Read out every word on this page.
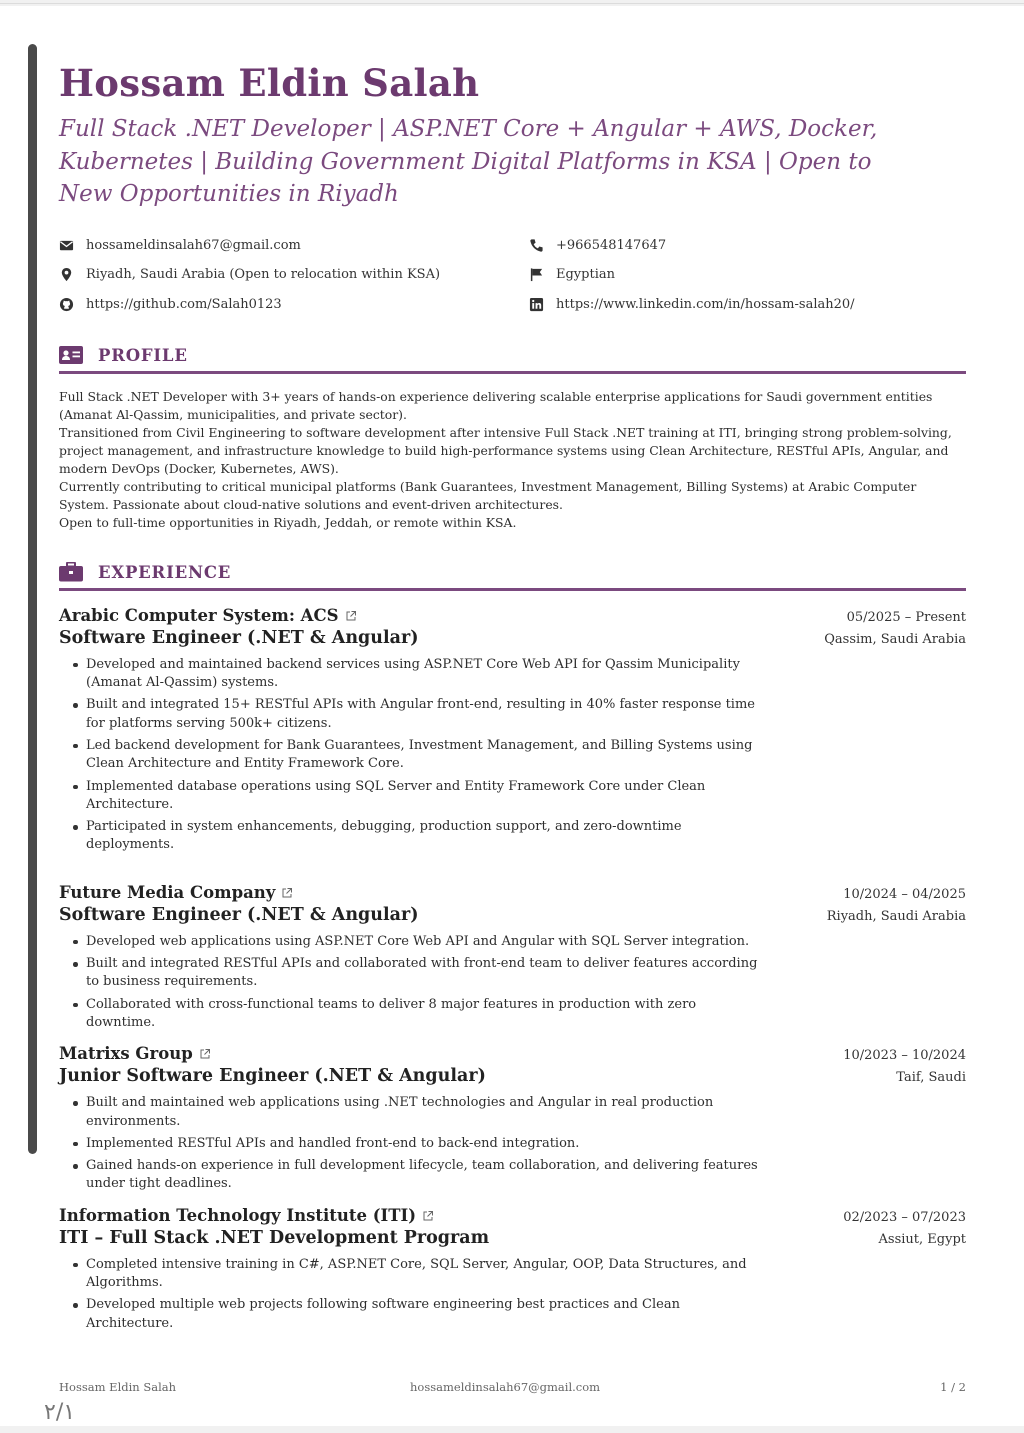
Hossam Eldin Salah
Full Stack .NET Developer | ASP.NET Core + Angular + AWS, Docker, Kubernetes | Building Government Digital Platforms in KSA | Open to New Opportunities in Riyadh
hossameldinsalah67@gmail.com	+966548147647
Riyadh, Saudi Arabia (Open to relocation within KSA)	Egyptian
https://github.com/Salah0123	https://www.linkedin.com/in/hossam-salah20/
PROFILE

Full Stack .NET Developer with 3+ years of hands-on experience delivering scalable enterprise applications for Saudi government entities (Amanat Al-Qassim, municipalities, and private sector).

Transitioned from Civil Engineering to software development after intensive Full Stack .NET training at ITI, bringing strong problem-solving, project management, and infrastructure knowledge to build high-performance systems using Clean Architecture, RESTful APIs, Angular, and modern DevOps (Docker, Kubernetes, AWS).

Currently contributing to critical municipal platforms (Bank Guarantees, Investment Management, Billing Systems) at Arabic Computer System. Passionate about cloud-native solutions and event-driven architectures.

Open to full-time opportunities in Riyadh, Jeddah, or remote within KSA.

EXPERIENCE
Arabic Computer System: ACS	05/2025 – Present
Software Engineer (.NET & Angular)	Qassim, Saudi Arabia
Developed and maintained backend services using ASP.NET Core Web API for Qassim Municipality (Amanat Al-Qassim) systems.
Built and integrated 15+ RESTful APIs with Angular front-end, resulting in 40% faster response time for platforms serving 500k+ citizens.
Led backend development for Bank Guarantees, Investment Management, and Billing Systems using Clean Architecture and Entity Framework Core.
Implemented database operations using SQL Server and Entity Framework Core under Clean Architecture.
Participated in system enhancements, debugging, production support, and zero-downtime deployments.
Future Media Company	10/2024 – 04/2025
Software Engineer (.NET & Angular)	Riyadh, Saudi Arabia
Developed web applications using ASP.NET Core Web API and Angular with SQL Server integration.
Built and integrated RESTful APIs and collaborated with front-end team to deliver features according to business requirements.
Collaborated with cross-functional teams to deliver 8 major features in production with zero downtime.
Matrixs Group	10/2023 – 10/2024
Junior Software Engineer (.NET & Angular)	Taif, Saudi
Built and maintained web applications using .NET technologies and Angular in real production environments.
Implemented RESTful APIs and handled front-end to back-end integration.
Gained hands-on experience in full development lifecycle, team collaboration, and delivering features under tight deadlines.
Information Technology Institute (ITI)	02/2023 – 07/2023
ITI – Full Stack .NET Development Program	Assiut, Egypt
Completed intensive training in C#, ASP.NET Core, SQL Server, Angular, OOP, Data Structures, and Algorithms.
Developed multiple web projects following software engineering best practices and Clean Architecture.
Hossam Eldin Salah	hossameldinsalah67@gmail.com	1 / 2
٢/١
